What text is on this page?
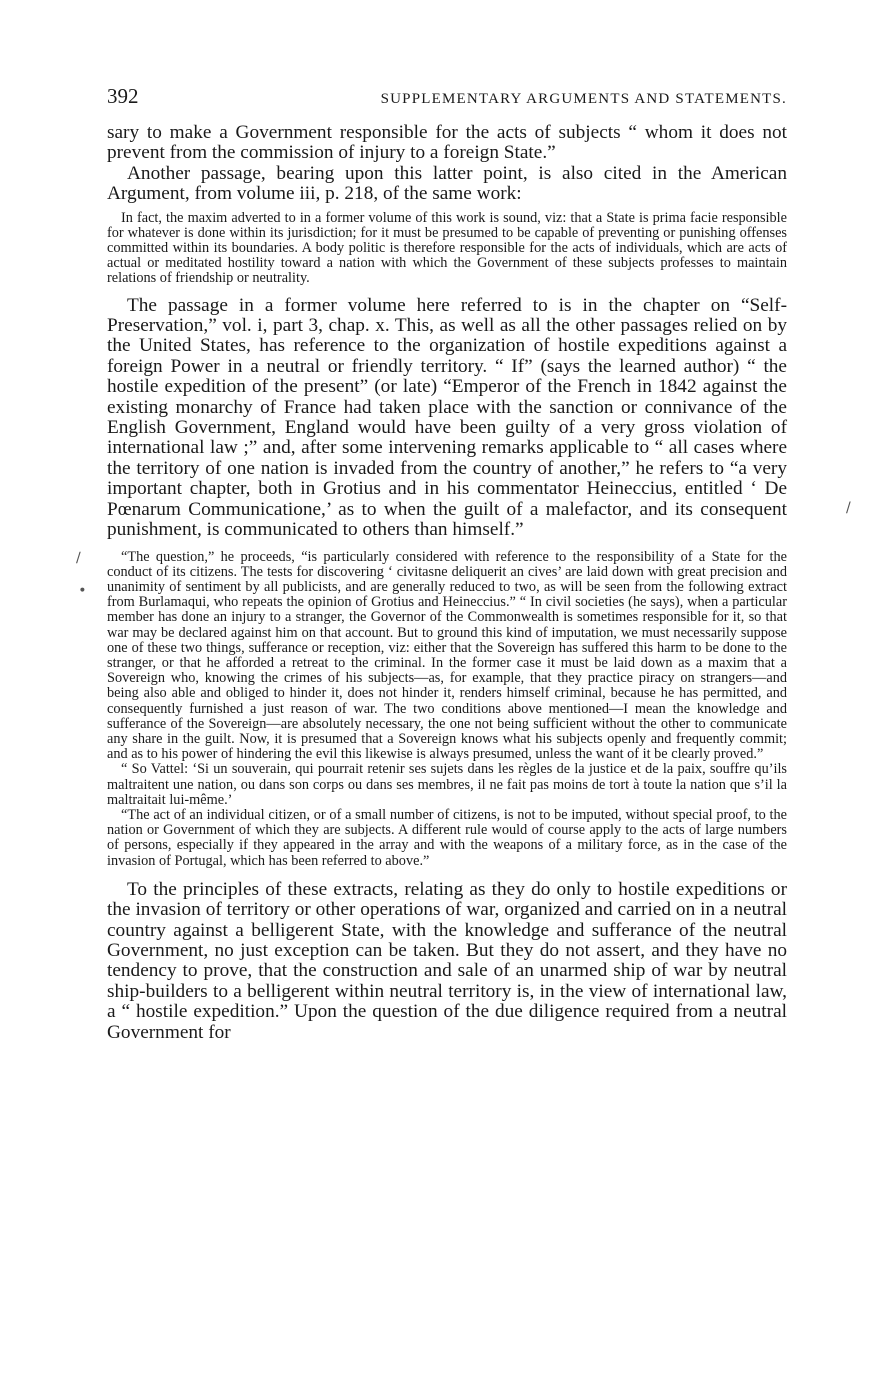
392	SUPPLEMENTARY ARGUMENTS AND STATEMENTS.

sary to make a Government responsible for the acts of subjects “ whom it does not prevent from the commission of injury to a foreign State.”

Another passage, bearing upon this latter point, is also cited in the American Argument, from volume iii, p. 218, of the same work:

In fact, the maxim adverted to in a former volume of this work is sound, viz: that a State is prima facie responsible for whatever is done within its jurisdiction; for it must be presumed to be capable of preventing or punishing offenses committed within its boundaries. A body politic is therefore responsible for the acts of individuals, which are acts of actual or meditated hostility toward a nation with which the Government of these subjects professes to maintain relations of friendship or neutrality.

The passage in a former volume here referred to is in the chapter on “Self-Preservation,” vol. i, part 3, chap. x. This, as well as all the other passages relied on by the United States, has reference to the organization of hostile expeditions against a foreign Power in a neutral or friendly territory. “ If” (says the learned author) “ the hostile expedition of the present” (or late) “Emperor of the French in 1842 against the existing monarchy of France had taken place with the sanction or connivance of the English Government, England would have been guilty of a very gross violation of international law ;” and, after some intervening remarks applicable to “ all cases where the territory of one nation is invaded from the country of another,” he refers to “a very important chapter, both in Grotius and in his commentator Heineccius, entitled ‘ De Pœnarum Communicatione,’ as to when the guilt of a malefactor, and its consequent punishment, is communicated to others than himself.”

“The question,” he proceeds, “is particularly considered with reference to the responsibility of a State for the conduct of its citizens. The tests for discovering ‘ civitasne deliquerit an cives’ are laid down with great precision and unanimity of sentiment by all publicists, and are generally reduced to two, as will be seen from the following extract from Burlamaqui, who repeats the opinion of Grotius and Heineccius.” “ In civil societies (he says), when a particular member has done an injury to a stranger, the Governor of the Commonwealth is sometimes responsible for it, so that war may be declared against him on that account. But to ground this kind of imputation, we must necessarily suppose one of these two things, sufferance or reception, viz: either that the Sovereign has suffered this harm to be done to the stranger, or that he afforded a retreat to the criminal. In the former case it must be laid down as a maxim that a Sovereign who, knowing the crimes of his subjects—as, for example, that they practice piracy on strangers—and being also able and obliged to hinder it, does not hinder it, renders himself criminal, because he has permitted, and consequently furnished a just reason of war. The two conditions above mentioned—I mean the knowledge and sufferance of the Sovereign—are absolutely necessary, the one not being sufficient without the other to communicate any share in the guilt. Now, it is presumed that a Sovereign knows what his subjects openly and frequently commit; and as to his power of hindering the evil this likewise is always presumed, unless the want of it be clearly proved.”

“ So Vattel: ‘Si un souverain, qui pourrait retenir ses sujets dans les règles de la justice et de la paix, souffre qu’ils maltraitent une nation, ou dans son corps ou dans ses membres, il ne fait pas moins de tort à toute la nation que s’il la maltraitait lui-même.’

“The act of an individual citizen, or of a small number of citizens, is not to be imputed, without special proof, to the nation or Government of which they are subjects. A different rule would of course apply to the acts of large numbers of persons, especially if they appeared in the array and with the weapons of a military force, as in the case of the invasion of Portugal, which has been referred to above.”

To the principles of these extracts, relating as they do only to hostile expeditions or the invasion of territory or other operations of war, organized and carried on in a neutral country against a belligerent State, with the knowledge and sufferance of the neutral Government, no just exception can be taken. But they do not assert, and they have no tendency to prove, that the construction and sale of an unarmed ship of war by neutral ship-builders to a belligerent within neutral territory is, in the view of international law, a “ hostile expedition.” Upon the question of the due diligence required from a neutral Government for

/
∕
∙
